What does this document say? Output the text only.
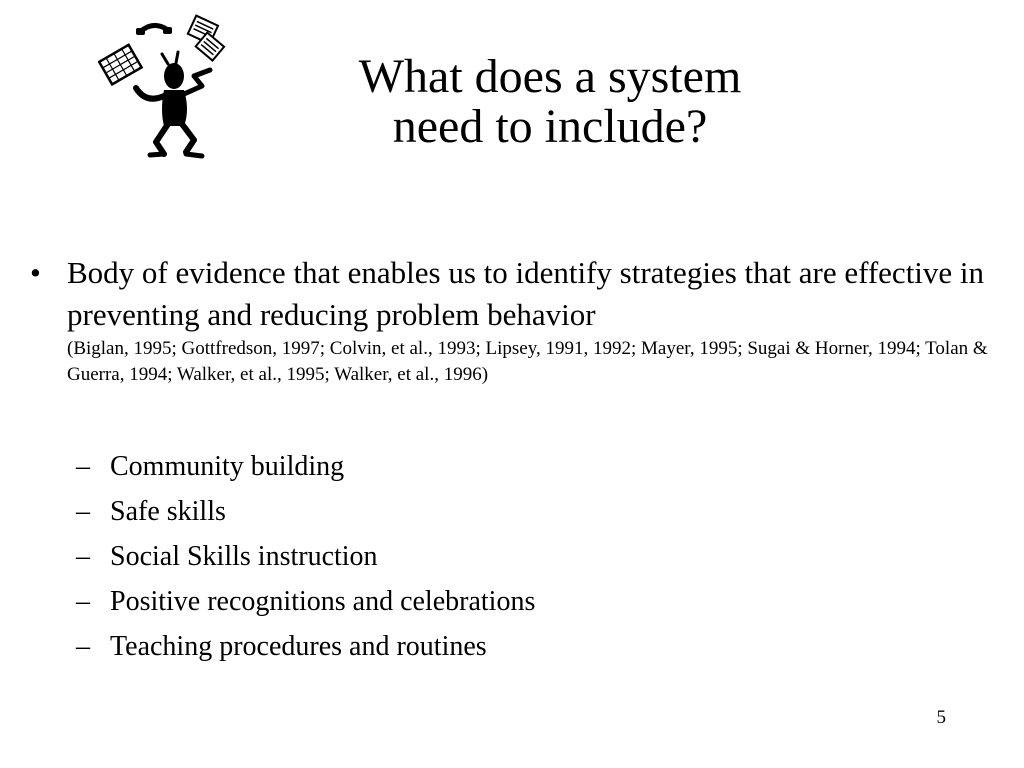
What does a system
need to include?
• Body of evidence that enables us to identify strategies that are effective in preventing and reducing problem behavior
(Biglan, 1995; Gottfredson, 1997; Colvin, et al., 1993; Lipsey, 1991, 1992; Mayer, 1995; Sugai & Horner, 1994; Tolan & Guerra, 1994; Walker, et al., 1995; Walker, et al., 1996)
– Community building
– Safe skills
– Social Skills instruction
– Positive recognitions and celebrations
– Teaching procedures and routines
5
